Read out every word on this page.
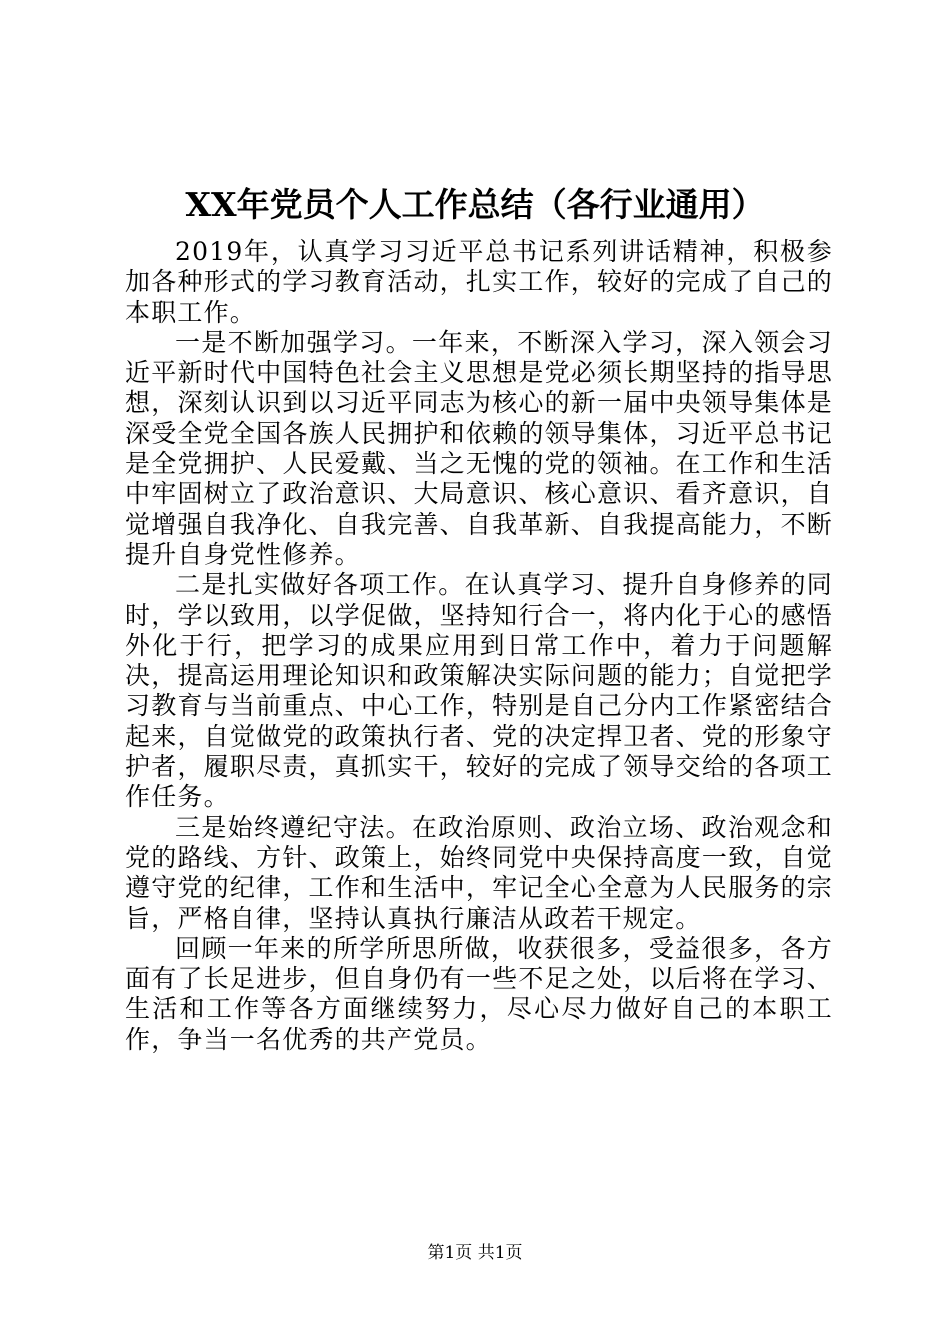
XX年党员个人工作总结（各行业通用）

2019年，认真学习习近平总书记系列讲话精神，积极参加各种形式的学习教育活动，扎实工作，较好的完成了自己的本职工作。

一是不断加强学习。一年来，不断深入学习，深入领会习近平新时代中国特色社会主义思想是党必须长期坚持的指导思想，深刻认识到以习近平同志为核心的新一届中央领导集体是深受全党全国各族人民拥护和依赖的领导集体，习近平总书记是全党拥护、人民爱戴、当之无愧的党的领袖。在工作和生活中牢固树立了政治意识、大局意识、核心意识、看齐意识，自觉增强自我净化、自我完善、自我革新、自我提高能力，不断提升自身党性修养。

二是扎实做好各项工作。在认真学习、提升自身修养的同时，学以致用，以学促做，坚持知行合一，将内化于心的感悟外化于行，把学习的成果应用到日常工作中，着力于问题解决，提高运用理论知识和政策解决实际问题的能力；自觉把学习教育与当前重点、中心工作，特别是自己分内工作紧密结合起来，自觉做党的政策执行者、党的决定捍卫者、党的形象守护者，履职尽责，真抓实干，较好的完成了领导交给的各项工作任务。

三是始终遵纪守法。在政治原则、政治立场、政治观念和党的路线、方针、政策上，始终同党中央保持高度一致，自觉遵守党的纪律，工作和生活中，牢记全心全意为人民服务的宗旨，严格自律，坚持认真执行廉洁从政若干规定。

回顾一年来的所学所思所做，收获很多，受益很多，各方面有了长足进步，但自身仍有一些不足之处，以后将在学习、生活和工作等各方面继续努力，尽心尽力做好自己的本职工作，争当一名优秀的共产党员。

第1页 共1页
